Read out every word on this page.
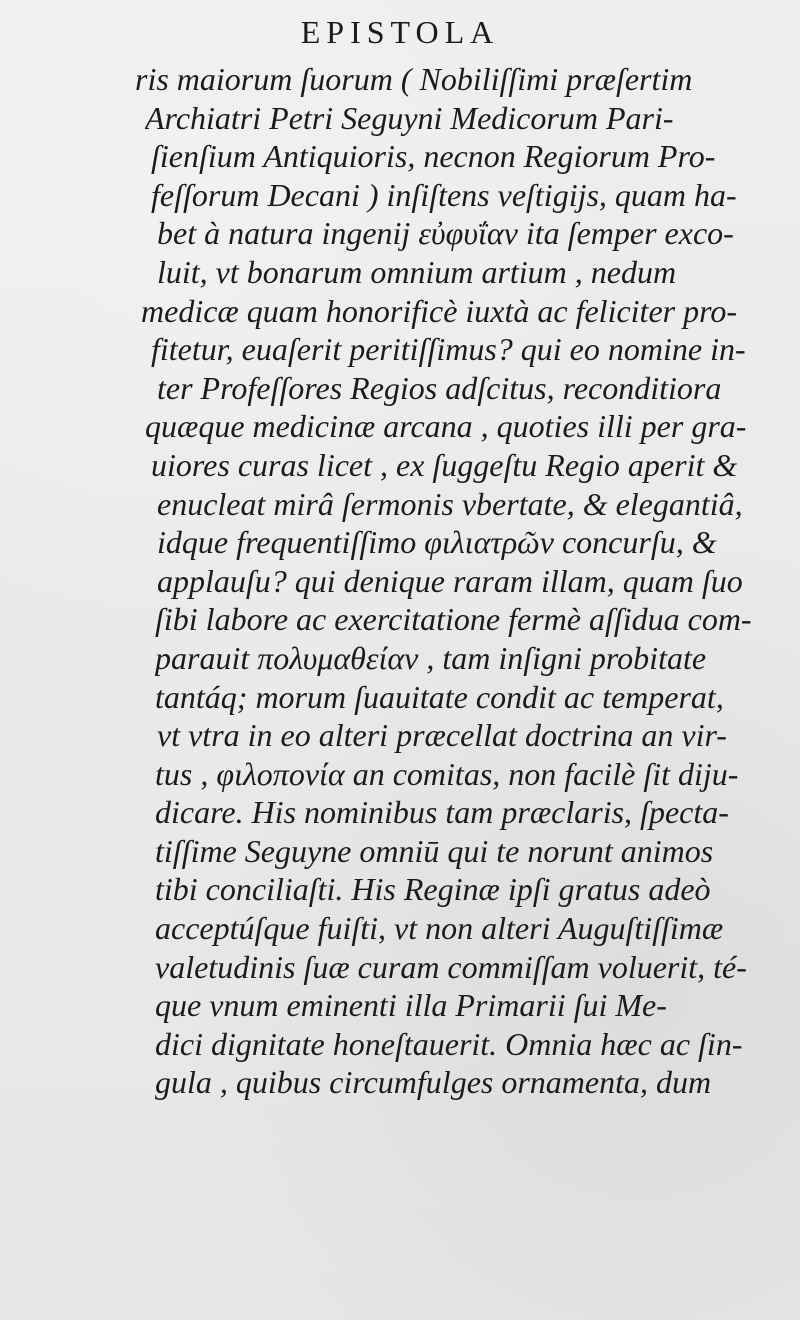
EPISTOLA
ris maiorum ſuorum ( Nobiliſſimi præſertim
Archiatri Petri Seguyni Medicorum Pari-
ſienſium Antiquioris, necnon Regiorum Pro-
feſſorum Decani ) inſiſtens veſtigijs, quam ha-
bet à natura ingenij εὐφυΐαν ita ſemper exco-
luit, vt bonarum omnium artium , nedum
medicæ quam honorificè iuxtà ac feliciter pro-
fitetur, euaſerit peritiſſimus? qui eo nomine in-
ter Profeſſores Regios adſcitus, reconditiora
quæque medicinæ arcana , quoties illi per gra-
uiores curas licet , ex ſuggeſtu Regio aperit &
enucleat mirâ ſermonis vbertate, & elegantiâ,
idque frequentiſſimo φιλιατρῶν concurſu, &
applauſu? qui denique raram illam, quam ſuo
ſibi labore ac exercitatione fermè aſſidua com-
parauit πολυμαθείαν , tam inſigni probitate
tantáq; morum ſuauitate condit ac temperat,
vt vtra in eo alteri præcellat doctrina an vir-
tus , φιλοπονία an comitas, non facilè ſit diju-
dicare. His nominibus tam præclaris, ſpecta-
tiſſime Seguyne omniū qui te norunt animos
tibi conciliaſti. His Reginæ ipſi gratus adeò
acceptúſque fuiſti, vt non alteri Auguſtiſſimæ
valetudinis ſuæ curam commiſſam voluerit, té-
que vnum eminenti illa Primarii ſui Me-
dici dignitate honeſtauerit. Omnia hæc ac ſin-
gula , quibus circumfulges ornamenta, dum
